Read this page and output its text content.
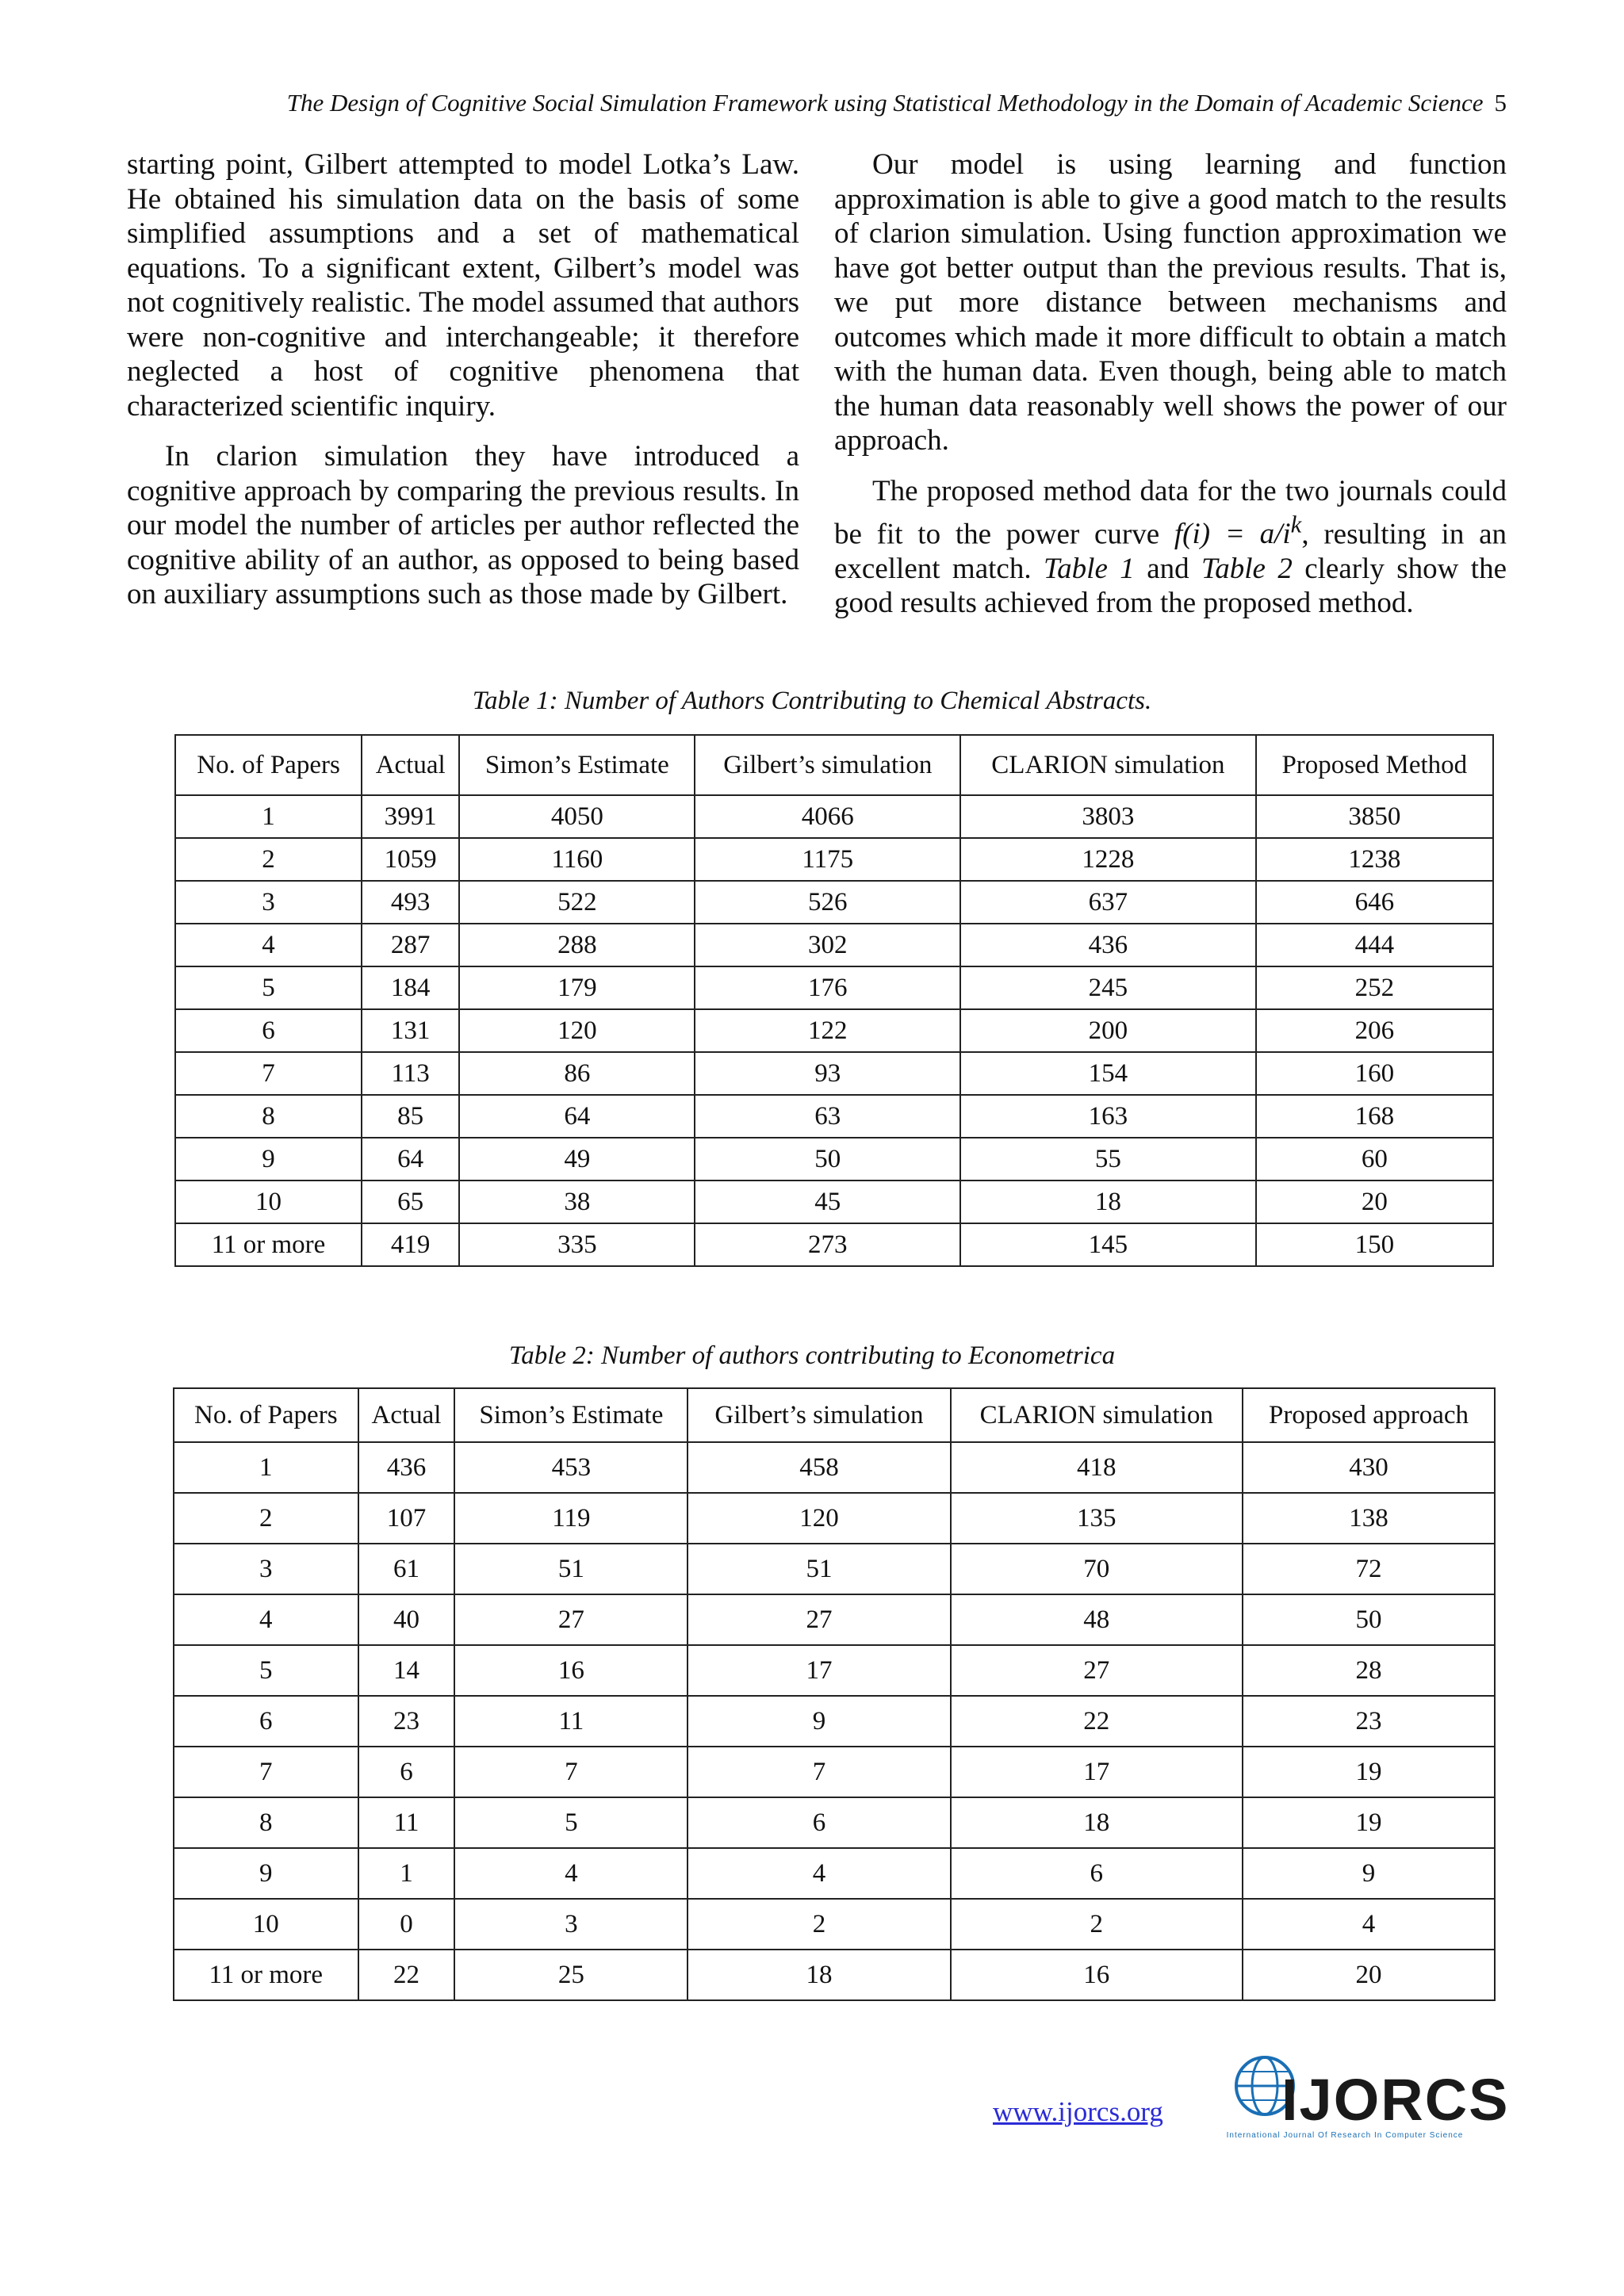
The Design of Cognitive Social Simulation Framework using Statistical Methodology in the Domain of Academic Science 5

starting point, Gilbert attempted to model Lotka’s Law. He obtained his simulation data on the basis of some simplified assumptions and a set of mathematical equations. To a significant extent, Gilbert’s model was not cognitively realistic. The model assumed that authors were non-cognitive and interchangeable; it therefore neglected a host of cognitive phenomena that characterized scientific inquiry.

In clarion simulation they have introduced a cognitive approach by comparing the previous results. In our model the number of articles per author reflected the cognitive ability of an author, as opposed to being based on auxiliary assumptions such as those made by Gilbert.

Our model is using learning and function approximation is able to give a good match to the results of clarion simulation. Using function approximation we have got better output than the previous results. That is, we put more distance between mechanisms and outcomes which made it more difficult to obtain a match with the human data. Even though, being able to match the human data reasonably well shows the power of our approach.

The proposed method data for the two journals could be fit to the power curve $f(i) = a/i^k$, resulting in an excellent match. Table 1 and Table 2 clearly show the good results achieved from the proposed method.

Table 1: Number of Authors Contributing to Chemical Abstracts.
No. of Papers	Actual	Simon’s Estimate	Gilbert’s simulation	CLARION simulation	Proposed Method
1	3991	4050	4066	3803	3850
2	1059	1160	1175	1228	1238
3	493	522	526	637	646
4	287	288	302	436	444
5	184	179	176	245	252
6	131	120	122	200	206
7	113	86	93	154	160
8	85	64	63	163	168
9	64	49	50	55	60
10	65	38	45	18	20
11 or more	419	335	273	145	150
Table 2: Number of authors contributing to Econometrica
No. of Papers	Actual	Simon’s Estimate	Gilbert’s simulation	CLARION simulation	Proposed approach
1	436	453	458	418	430
2	107	119	120	135	138
3	61	51	51	70	72
4	40	27	27	48	50
5	14	16	17	27	28
6	23	11	9	22	23
7	6	7	7	17	19
8	11	5	6	18	19
9	1	4	4	6	9
10	0	3	2	2	4
11 or more	22	25	18	16	20
www.ijorcs.org IJORCS
International Journal Of Research In Computer Science
